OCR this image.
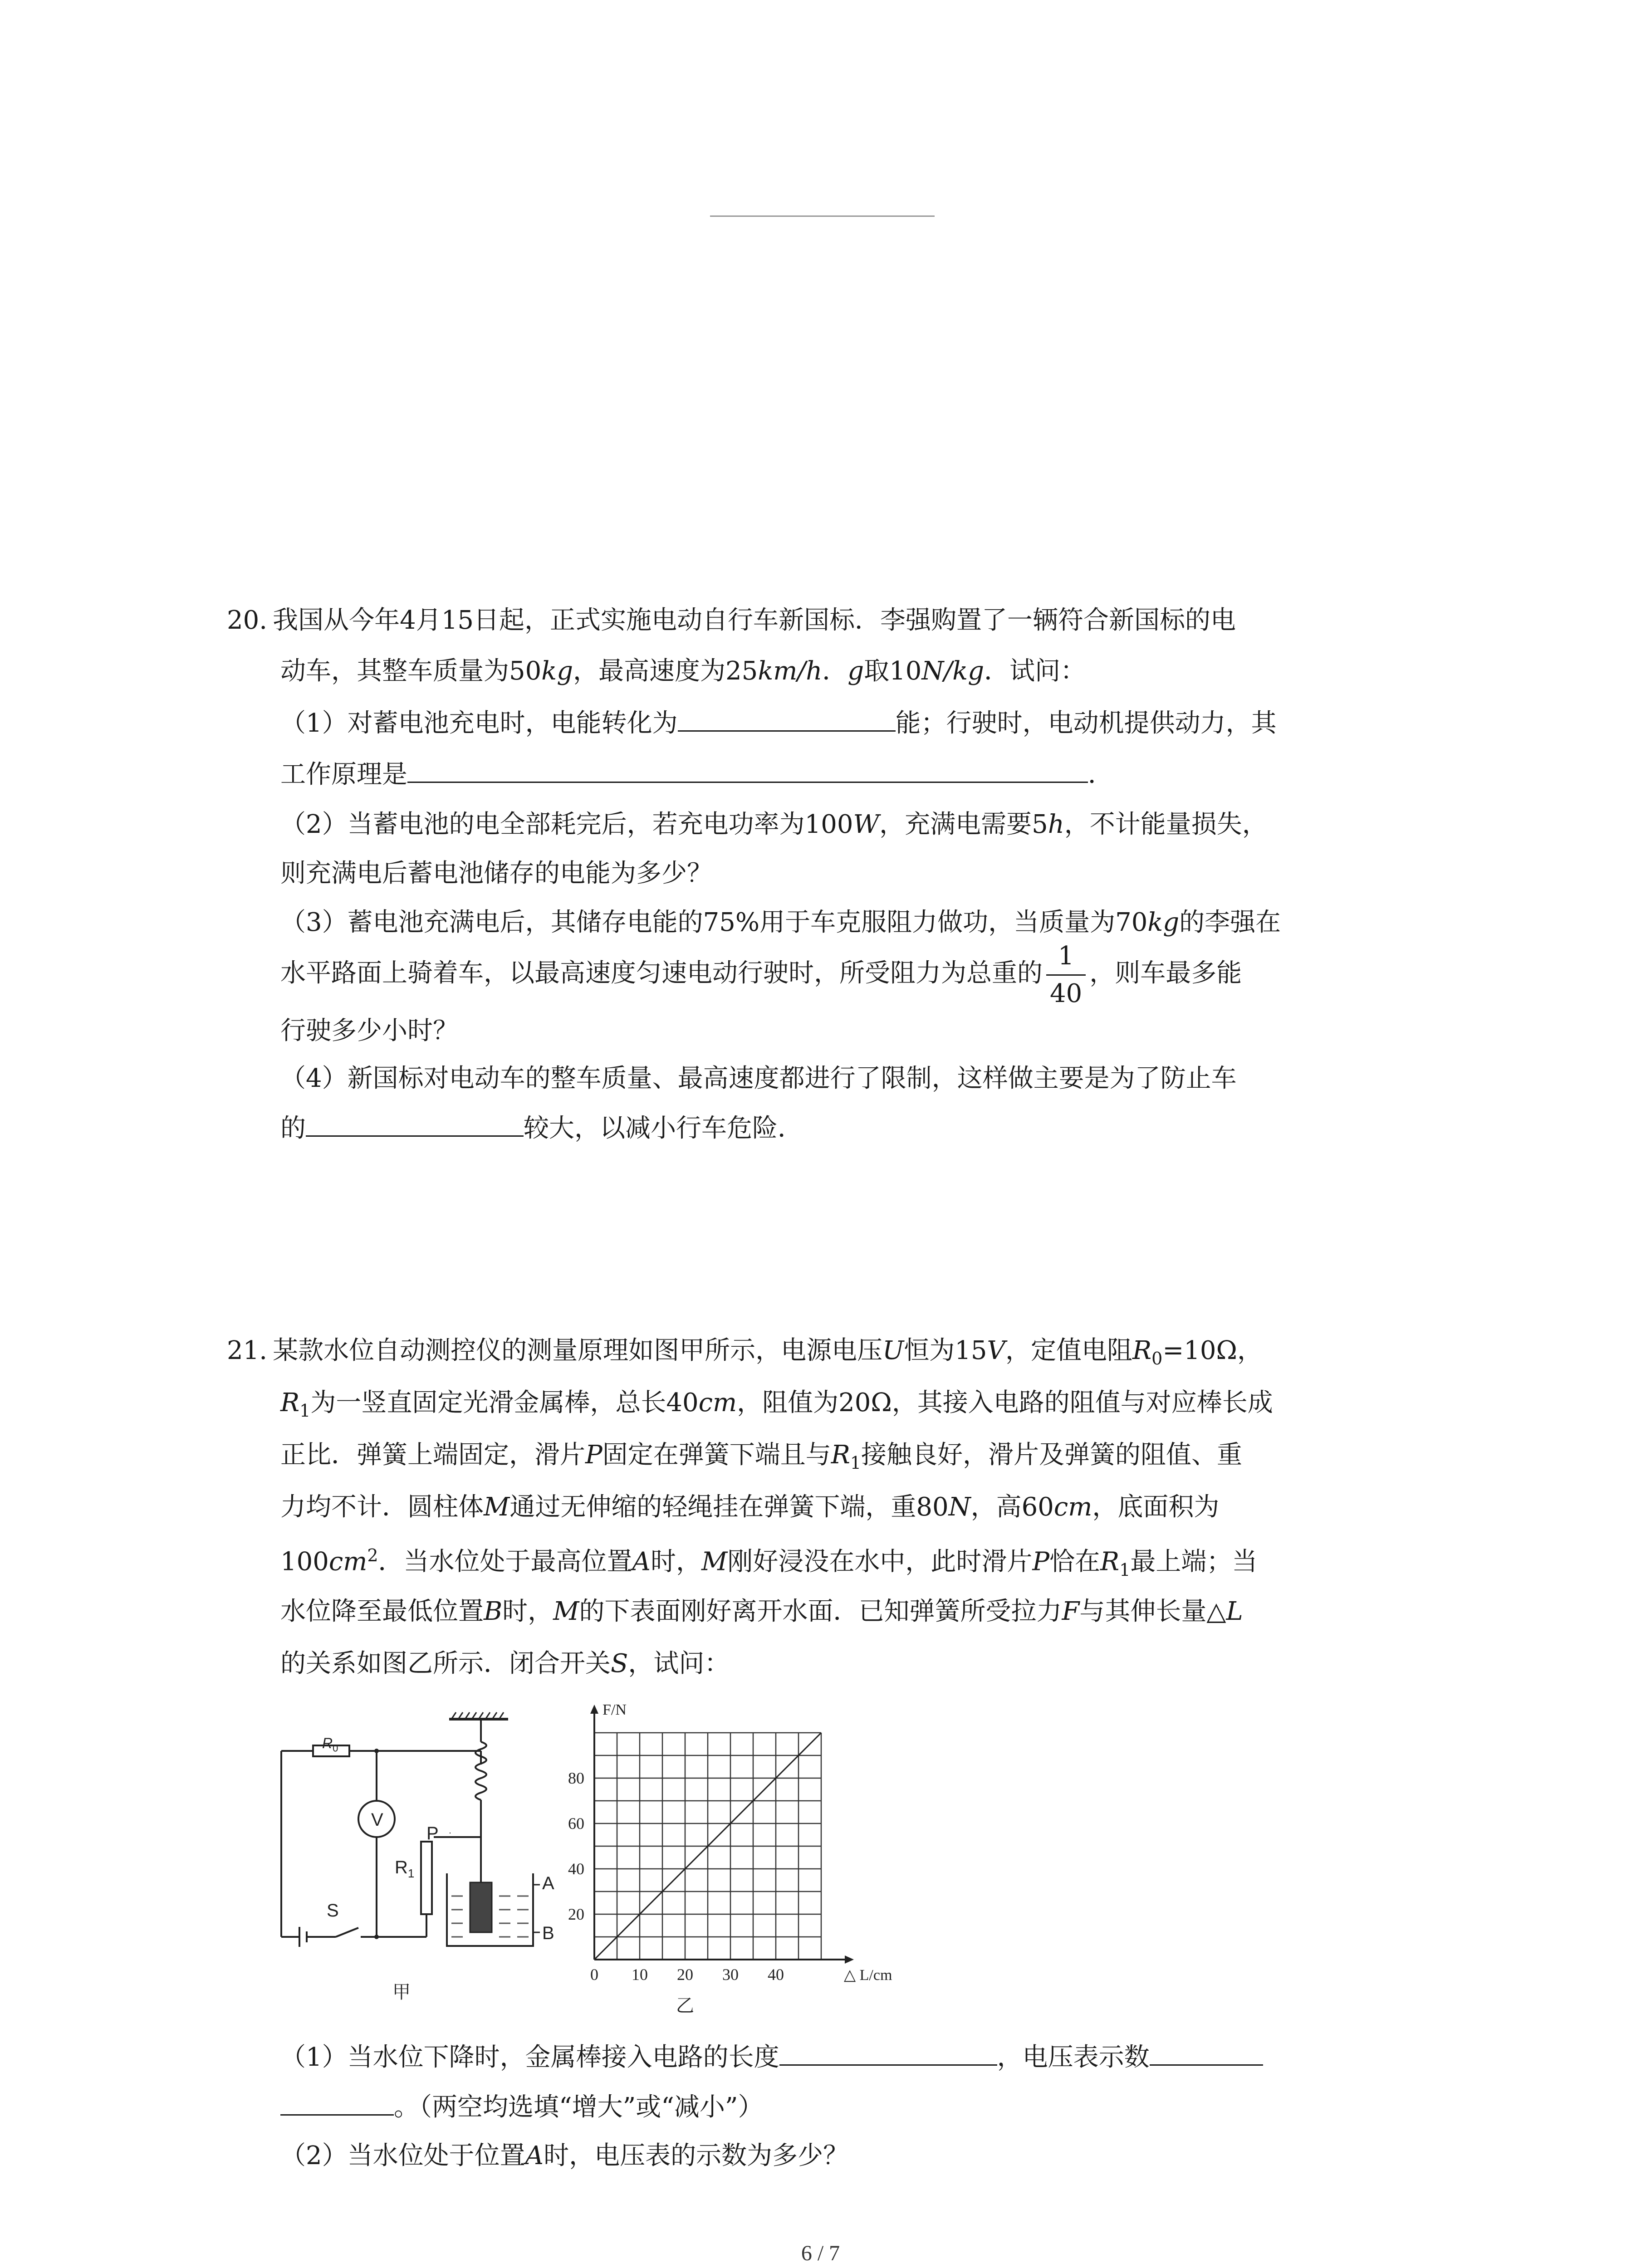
20. 我国从今年4月15日起，正式实施电动自行车新国标．李强购置了一辆符合新国标的电
动车，其整车质量为50kg，最高速度为25km/h．g取10N/kg．试问：
（1）对蓄电池充电时，电能转化为	能；行驶时，电动机提供动力，其
工作原理是	．
（2）当蓄电池的电全部耗完后，若充电功率为100W，充满电需要5h，不计能量损失，
则充满电后蓄电池储存的电能为多少？
（3）蓄电池充满电后，其储存电能的75%用于车克服阻力做功，当质量为70kg的李强在
水平路面上骑着车，以最高速度匀速电动行驶时，所受阻力为总重的 $\frac{1}{40}$ ，则车最多能
行驶多少小时？
（4）新国标对电动车的整车质量、最高速度都进行了限制，这样做主要是为了防止车
的	较大，以减小行车危险．
21. 某款水位自动测控仪的测量原理如图甲所示，电源电压U恒为15V，定值电阻$R_0=10\Omega$，
$R_1$为一竖直固定光滑金属棒，总长40cm，阻值为20Ω，其接入电路的阻值与对应棒长成
正比．弹簧上端固定，滑片P固定在弹簧下端且与$R_1$接触良好，滑片及弹簧的阻值、重
力均不计．圆柱体M通过无伸缩的轻绳挂在弹簧下端，重80N，高60cm，底面积为
$100cm^2$．当水位处于最高位置A时，M刚好浸没在水中，此时滑片P恰在$R_1$最上端；当
水位降至最低位置B时，M的下表面刚好离开水面．已知弹簧所受拉力F与其伸长量△L
的关系如图乙所示．闭合开关S，试问：
（1）当水位下降时，金属棒接入电路的长度	，电压表示数
。（两空均选填“增大”或“减小”）
（2）当水位处于位置A时，电压表的示数为多少？
$R_0$
V
P
$R_1$
S
A
B
甲
0 10 20 30 40
20
40
60
80
F/N
△ L/cm
乙
6 / 7
